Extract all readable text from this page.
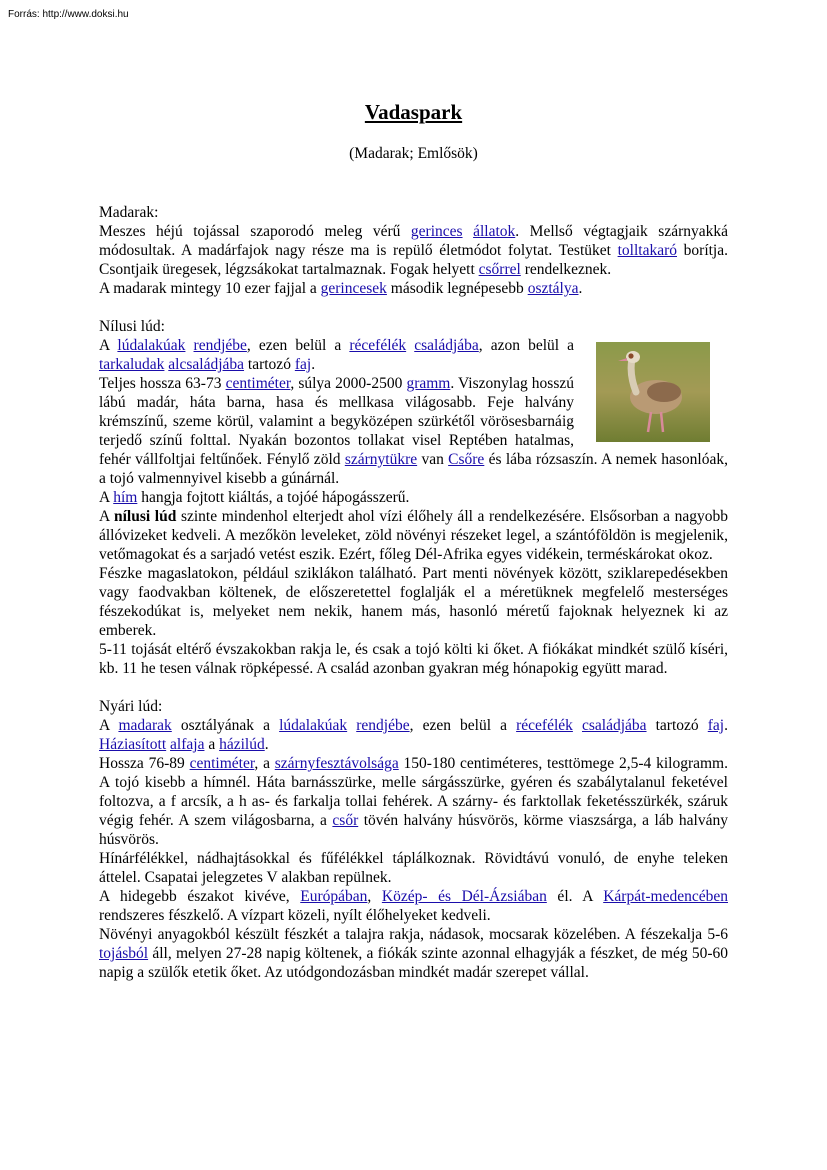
Forrás: http://www.doksi.hu
Vadaspark
(Madarak; Emlősök)

Madarak:

Meszes héjú tojással szaporodó meleg vérű gerinces állatok. Mellső végtagjaik szárnyakká módosultak. A madárfajok nagy része ma is repülő életmódot folytat. Testüket tolltakaró borítja. Csontjaik üregesek, légzsákokat tartalmaznak. Fogak helyett csőrrel rendelkeznek.

A madarak mintegy 10 ezer fajjal a gerincesek második legnépesebb osztálya.

Nílusi lúd:

A lúdalakúak rendjébe, ezen belül a récefélék családjába, azon belül a tarkaludak alcsaládjába tartozó faj.

Teljes hossza 63-73 centiméter, súlya 2000-2500 gramm. Viszonylag hosszú lábú madár, háta barna, hasa és mellkasa világosabb. Feje halvány krémszínű, szeme körül, valamint a begyközépen szürkétől vörösesbarnáig terjedő színű folttal. Nyakán bozontos tollakat visel Reptében hatalmas, fehér vállfoltjai feltűnőek. Fénylő zöld szárnytükre van Csőre és lába rózsaszín. A nemek hasonlóak, a tojó valmennyivel kisebb a gúnárnál.

A hím hangja fojtott kiáltás, a tojóé hápogásszerű.

A nílusi lúd szinte mindenhol elterjedt ahol vízi élőhely áll a rendelkezésére. Elsősorban a nagyobb állóvizeket kedveli. A mezőkön leveleket, zöld növényi részeket legel, a szántóföldön is megjelenik, vetőmagokat és a sarjadó vetést eszik. Ezért, főleg Dél-Afrika egyes vidékein, terméskárokat okoz.

Fészke magaslatokon, például sziklákon található. Part menti növények között, sziklarepedésekben vagy faodvakban költenek, de előszeretettel foglalják el a méretüknek megfelelő mesterséges fészekodúkat is, melyeket nem nekik, hanem más, hasonló méretű fajoknak helyeznek ki az emberek.

5-11 tojását eltérő évszakokban rakja le, és csak a tojó költi ki őket. A fiókákat mindkét szülő kíséri, kb. 11 he tesen válnak röpképessé. A család azonban gyakran még hónapokig együtt marad.

Nyári lúd:

A madarak osztályának a lúdalakúak rendjébe, ezen belül a récefélék családjába tartozó faj. Háziasított alfaja a házilúd.

Hossza 76-89 centiméter, a szárnyfesztávolsága 150-180 centiméteres, testtömege 2,5-4 kilogramm. A tojó kisebb a hímnél. Háta barnásszürke, melle sárgásszürke, gyéren és szabálytalanul feketével foltozva, a f arcsík, a h as- és farkalja tollai fehérek. A szárny- és farktollak feketésszürkék, száruk végig fehér. A szem világosbarna, a csőr tövén halvány húsvörös, körme viaszsárga, a láb halvány húsvörös.

Hínárfélékkel, nádhajtásokkal és fűfélékkel táplálkoznak. Rövidtávú vonuló, de enyhe teleken áttelel. Csapatai jelegzetes V alakban repülnek.

A hidegebb északot kivéve, Európában, Közép- és Dél-Ázsiában él. A Kárpát-medencében rendszeres fészkelő. A vízpart közeli, nyílt élőhelyeket kedveli.

Növényi anyagokból készült fészkét a talajra rakja, nádasok, mocsarak közelében. A fészekalja 5-6 tojásból áll, melyen 27-28 napig költenek, a fiókák szinte azonnal elhagyják a fészket, de még 50-60 napig a szülők etetik őket. Az utódgondozásban mindkét madár szerepet vállal.
